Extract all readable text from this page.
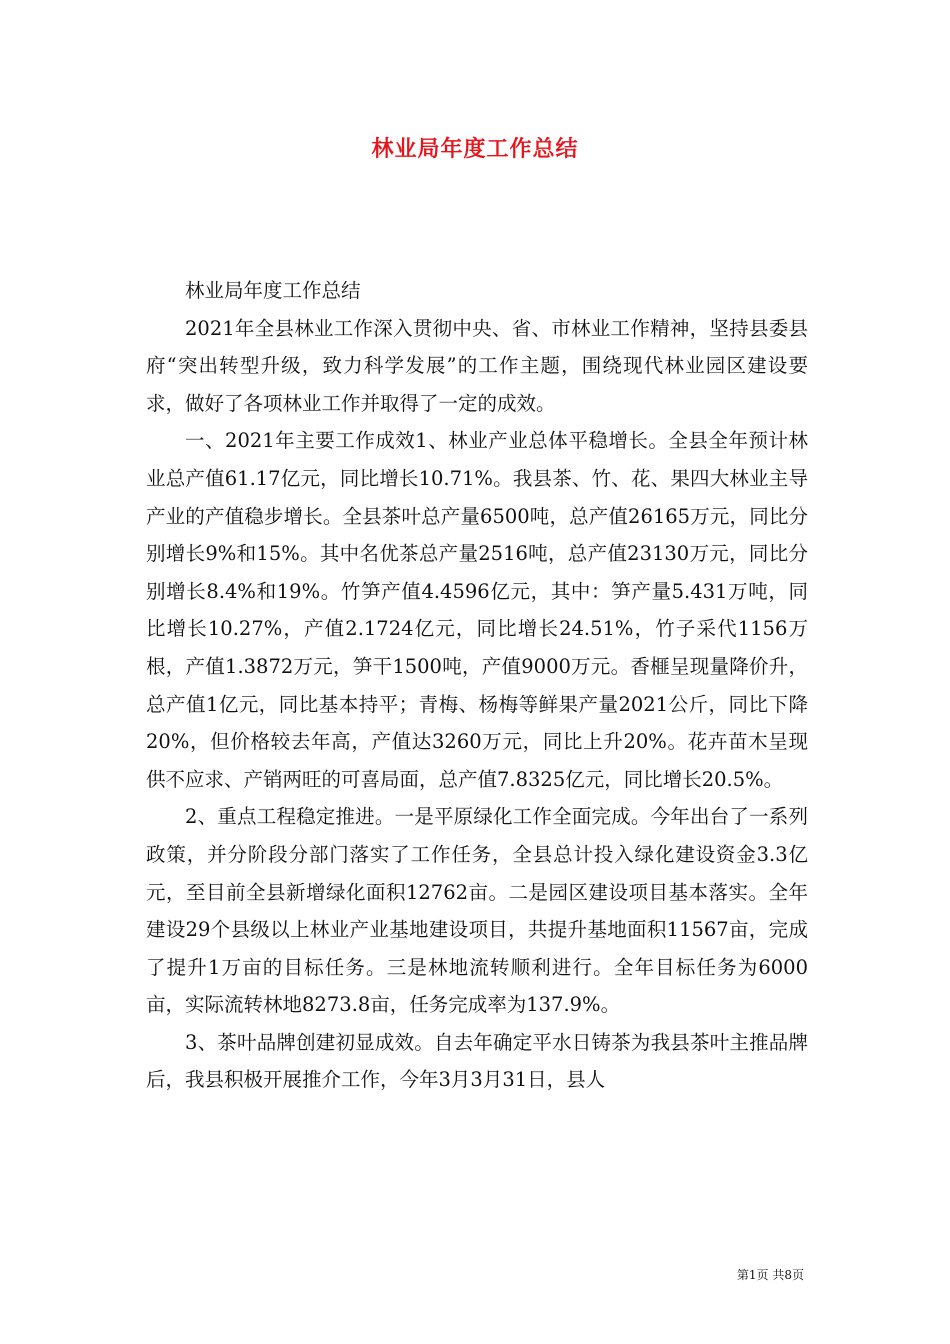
林业局年度工作总结

林业局年度工作总结

2021年全县林业工作深入贯彻中央、省、市林业工作精神，坚持县委县府“突出转型升级，致力科学发展”的工作主题，围绕现代林业园区建设要求，做好了各项林业工作并取得了一定的成效。

一、2021年主要工作成效1、林业产业总体平稳增长。全县全年预计林业总产值61.17亿元，同比增长10.71%。我县茶、竹、花、果四大林业主导产业的产值稳步增长。全县茶叶总产量6500吨，总产值26165万元，同比分别增长9%和15%。其中名优茶总产量2516吨，总产值23130万元，同比分别增长8.4%和19%。竹笋产值4.4596亿元，其中：笋产量5.431万吨，同比增长10.27%，产值2.1724亿元，同比增长24.51%，竹子采代1156万根，产值1.3872万元，笋干1500吨，产值9000万元。香榧呈现量降价升，总产值1亿元，同比基本持平；青梅、杨梅等鲜果产量2021公斤，同比下降20%，但价格较去年高，产值达3260万元，同比上升20%。花卉苗木呈现供不应求、产销两旺的可喜局面，总产值7.8325亿元，同比增长20.5%。

2、重点工程稳定推进。一是平原绿化工作全面完成。今年出台了一系列政策，并分阶段分部门落实了工作任务，全县总计投入绿化建设资金3.3亿元，至目前全县新增绿化面积12762亩。二是园区建设项目基本落实。全年建设29个县级以上林业产业基地建设项目，共提升基地面积11567亩，完成了提升1万亩的目标任务。三是林地流转顺利进行。全年目标任务为6000亩，实际流转林地8273.8亩，任务完成率为137.9%。

3、茶叶品牌创建初显成效。自去年确定平水日铸茶为我县茶叶主推品牌后，我县积极开展推介工作，今年3月3月31日，县人

第1页 共8页
